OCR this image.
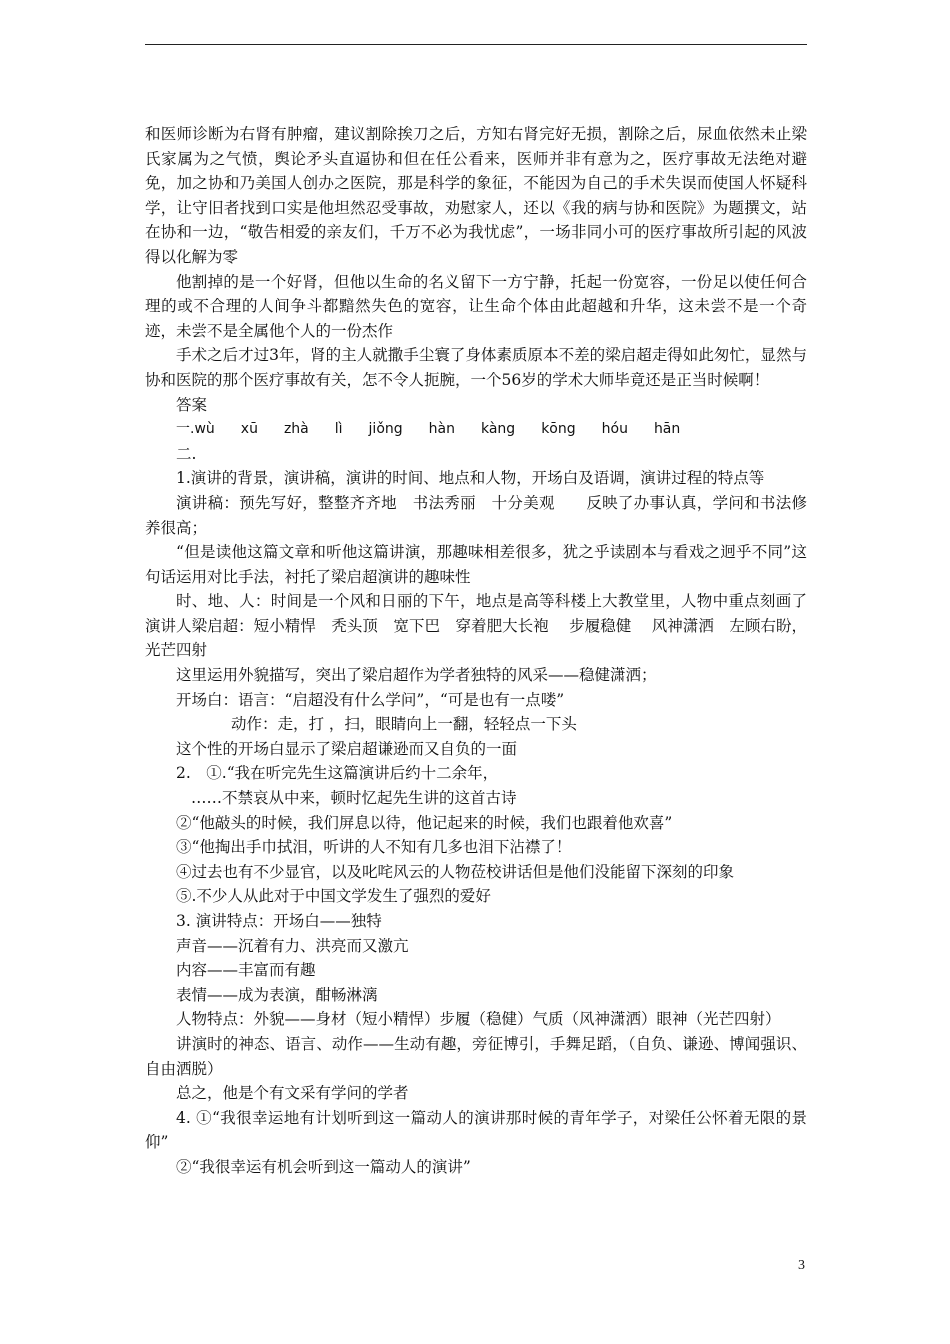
和医师诊断为右肾有肿瘤，建议割除挨刀之后，方知右肾完好无损，割除之后，尿血依然未止梁氏家属为之气愤，舆论矛头直逼协和但在任公看来，医师并非有意为之，医疗事故无法绝对避免，加之协和乃美国人创办之医院，那是科学的象征，不能因为自己的手术失误而使国人怀疑科学，让守旧者找到口实是他坦然忍受事故，劝慰家人，还以《我的病与协和医院》为题撰文，站在协和一边，“敬告相爱的亲友们，千万不必为我忧虑”，一场非同小可的医疗事故所引起的风波得以化解为零

他割掉的是一个好肾，但他以生命的名义留下一方宁静，托起一份宽容，一份足以使任何合理的或不合理的人间争斗都黯然失色的宽容，让生命个体由此超越和升华，这未尝不是一个奇迹，未尝不是全属他个人的一份杰作

手术之后才过3年，肾的主人就撒手尘寰了身体素质原本不差的梁启超走得如此匆忙，显然与协和医院的那个医疗事故有关，怎不令人扼腕，一个56岁的学术大师毕竟还是正当时候啊！

答案

一.wù xū zhà lì jiǒng hàn kàng kōng hóu hān

二.

1.演讲的背景，演讲稿，演讲的时间、地点和人物，开场白及语调，演讲过程的特点等

演讲稿：预先写好，整整齐齐地　书法秀丽　十分美观　　反映了办事认真，学问和书法修养很高；

“但是读他这篇文章和听他这篇讲演，那趣味相差很多，犹之乎读剧本与看戏之迥乎不同”这句话运用对比手法，衬托了梁启超演讲的趣味性

时、地、人：时间是一个风和日丽的下午，地点是高等科楼上大教堂里，人物中重点刻画了演讲人梁启超：短小精悍　秃头顶　宽下巴　穿着肥大长袍　 步履稳健　 风神潇洒　左顾右盼，光芒四射

这里运用外貌描写，突出了梁启超作为学者独特的风采——稳健潇洒；

开场白：语言：“启超没有什么学问”，“可是也有一点喽”

动作：走，打 ，扫，眼睛向上一翻，轻轻点一下头

这个性的开场白显示了梁启超谦逊而又自负的一面

2.　①.“我在听完先生这篇演讲后约十二余年，

……不禁哀从中来，顿时忆起先生讲的这首古诗

②“他敲头的时候，我们屏息以待，他记起来的时候，我们也跟着他欢喜”

③“他掏出手巾拭泪，听讲的人不知有几多也泪下沾襟了！

④过去也有不少显官，以及叱咤风云的人物莅校讲话但是他们没能留下深刻的印象

⑤.不少人从此对于中国文学发生了强烈的爱好

3. 演讲特点：开场白——独特

声音——沉着有力、洪亮而又激亢

内容——丰富而有趣

表情——成为表演，酣畅淋漓

人物特点：外貌——身材（短小精悍）步履（稳健）气质（风神潇洒）眼神（光芒四射）

讲演时的神态、语言、动作——生动有趣，旁征博引，手舞足蹈，（自负、谦逊、博闻强识、自由洒脱）

总之，他是个有文采有学问的学者

4. ①“我很幸运地有计划听到这一篇动人的演讲那时候的青年学子，对梁任公怀着无限的景仰”

②“我很幸运有机会听到这一篇动人的演讲”

3
